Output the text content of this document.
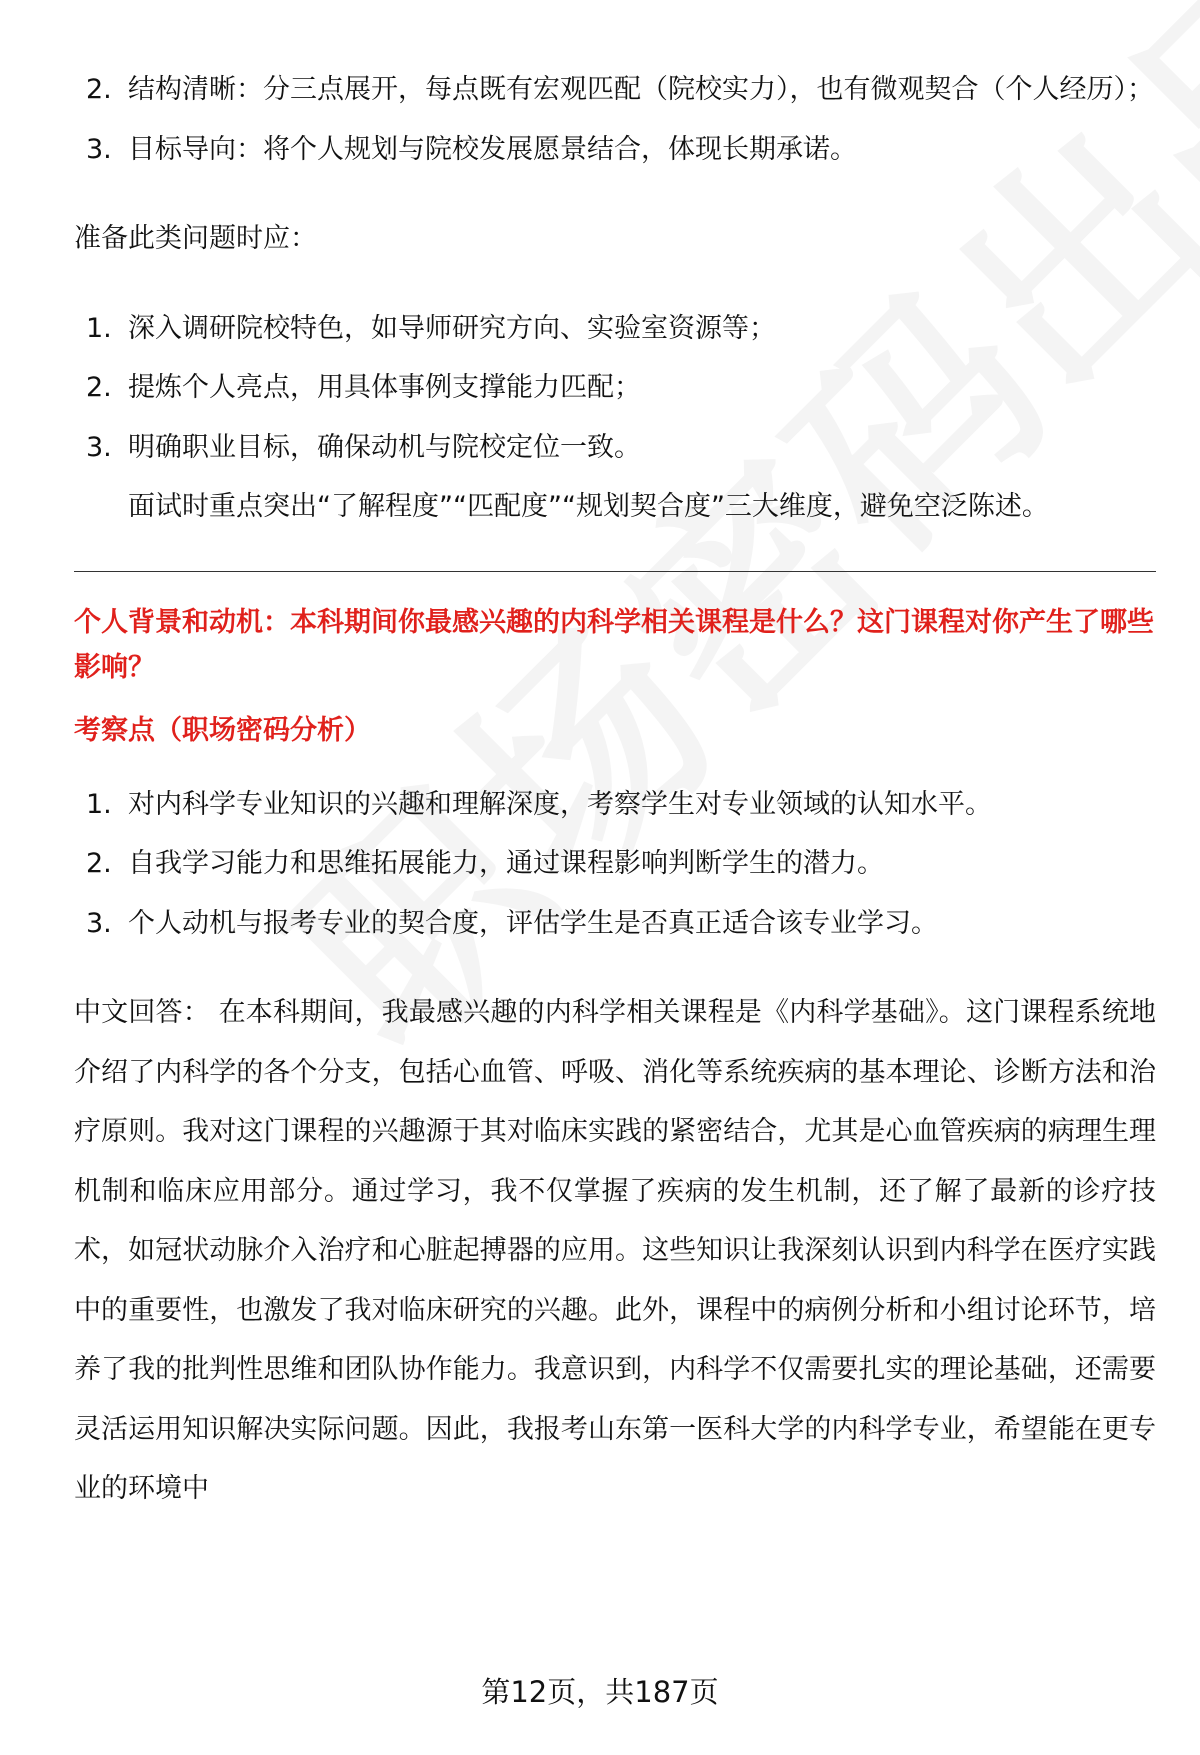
2. 结构清晰：分三点展开，每点既有宏观匹配（院校实力），也有微观契合（个人经历）；
3. 目标导向：将个人规划与院校发展愿景结合，体现长期承诺。

准备此类问题时应：

1. 深入调研院校特色，如导师研究方向、实验室资源等；
2. 提炼个人亮点，用具体事例支撑能力匹配；
3. 明确职业目标，确保动机与院校定位一致。

面试时重点突出“了解程度”“匹配度”“规划契合度”三大维度，避免空泛陈述。

个人背景和动机：本科期间你最感兴趣的内科学相关课程是什么？这门课程对你产生了哪些影响？

考察点（职场密码分析）

1. 对内科学专业知识的兴趣和理解深度，考察学生对专业领域的认知水平。
2. 自我学习能力和思维拓展能力，通过课程影响判断学生的潜力。
3. 个人动机与报考专业的契合度，评估学生是否真正适合该专业学习。

中文回答： 在本科期间，我最感兴趣的内科学相关课程是《内科学基础》。这门课程系统地介绍了内科学的各个分支，包括心血管、呼吸、消化等系统疾病的基本理论、诊断方法和治疗原则。我对这门课程的兴趣源于其对临床实践的紧密结合，尤其是心血管疾病的病理生理机制和临床应用部分。通过学习，我不仅掌握了疾病的发生机制，还了解了最新的诊疗技术，如冠状动脉介入治疗和心脏起搏器的应用。这些知识让我深刻认识到内科学在医疗实践中的重要性，也激发了我对临床研究的兴趣。此外，课程中的病例分析和小组讨论环节，培养了我的批判性思维和团队协作能力。我意识到，内科学不仅需要扎实的理论基础，还需要灵活运用知识解决实际问题。因此，我报考山东第一医科大学的内科学专业，希望能在更专业的环境中

第12页，共187页
